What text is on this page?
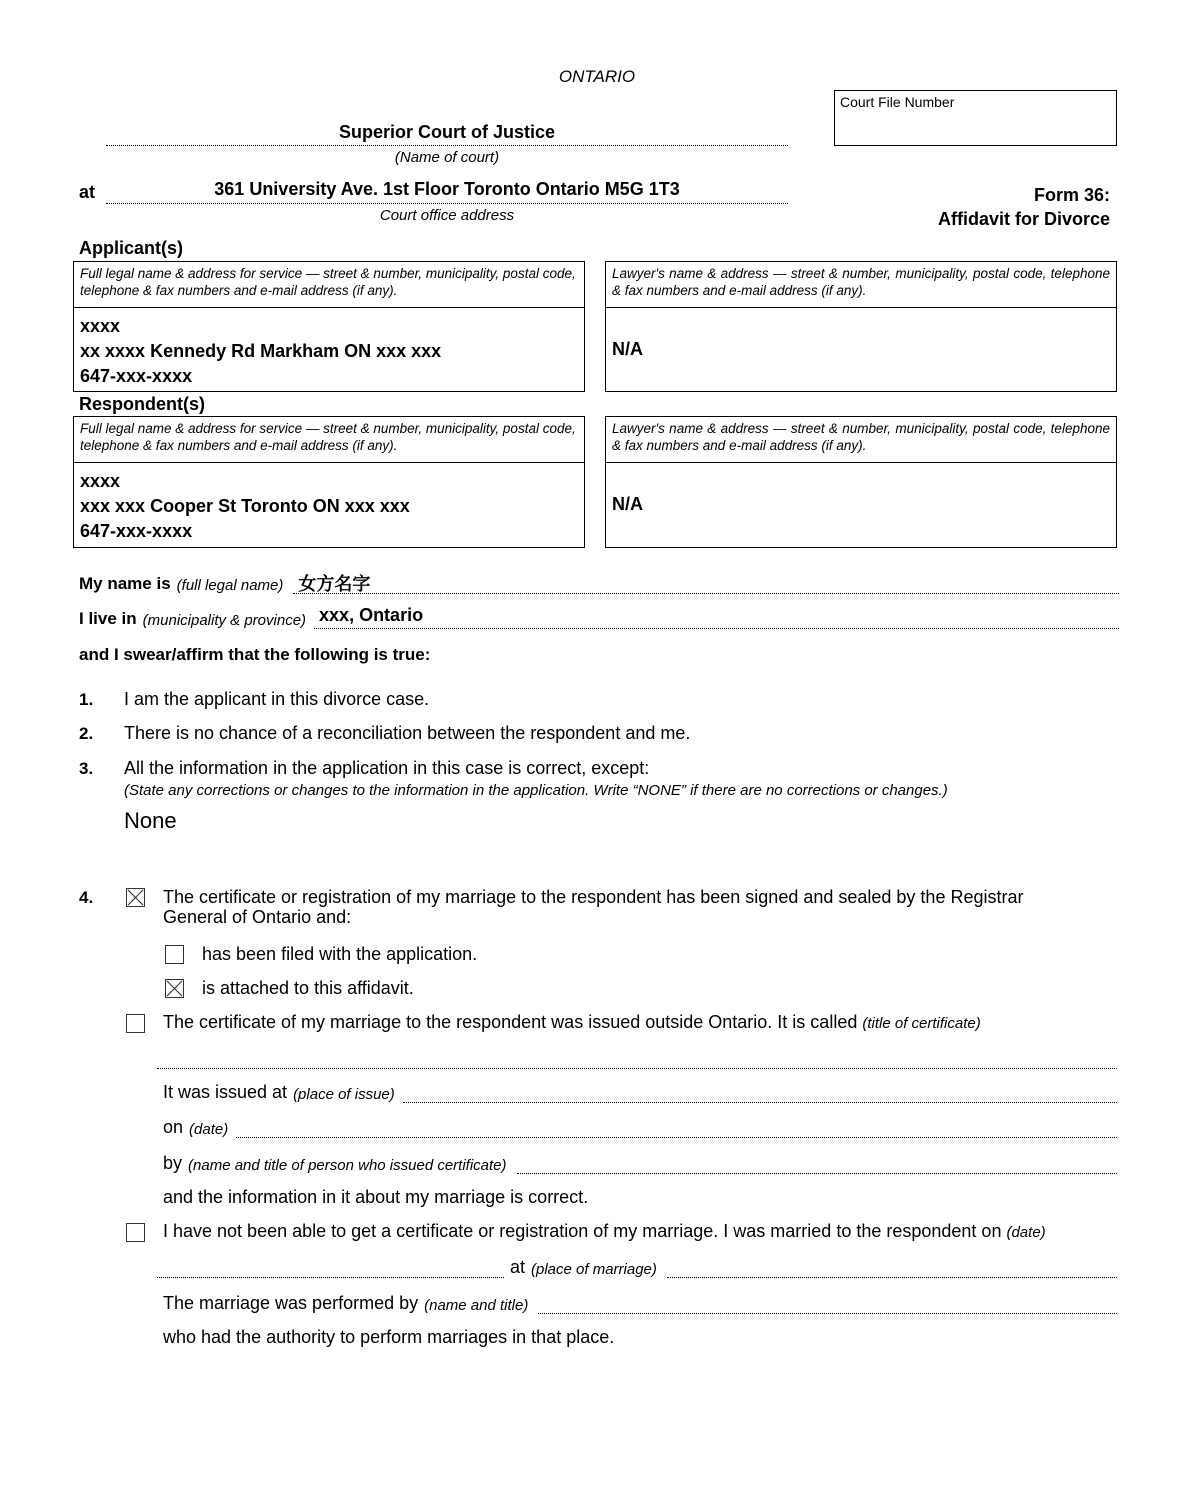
ONTARIO
Court File Number
Superior Court of Justice
(Name of court)
at	361 University Ave. 1st Floor Toronto Ontario M5G 1T3
Court office address
Form 36:
Affidavit for Divorce
Applicant(s)
Full legal name & address for service — street & number, municipality, postal code, telephone & fax numbers and e-mail address (if any).
xxxx
xx xxxx Kennedy Rd Markham ON xxx xxx
647-xxx-xxxx
Lawyer's name & address — street & number, municipality, postal code, telephone & fax numbers and e-mail address (if any).
N/A
Respondent(s)
Full legal name & address for service — street & number, municipality, postal code, telephone & fax numbers and e-mail address (if any).
xxxx
xxx xxx Cooper St Toronto ON xxx xxx
647-xxx-xxxx
Lawyer's name & address — street & number, municipality, postal code, telephone & fax numbers and e-mail address (if any).
N/A
My name is (full legal name) 女方名字
I live in (municipality & province) xxx, Ontario
and I swear/affirm that the following is true:
1. I am the applicant in this divorce case.
2. There is no chance of a reconciliation between the respondent and me.
3. All the information in the application in this case is correct, except:
(State any corrections or changes to the information in the application. Write “NONE” if there are no corrections or changes.)
None
4.	The certificate or registration of my marriage to the respondent has been signed and sealed by the Registrar
General of Ontario and:
has been filed with the application.
is attached to this affidavit.
The certificate of my marriage to the respondent was issued outside Ontario. It is called (title of certificate)
It was issued at (place of issue)
on (date)
by (name and title of person who issued certificate)
and the information in it about my marriage is correct.
I have not been able to get a certificate or registration of my marriage. I was married to the respondent on (date)
at (place of marriage)
The marriage was performed by (name and title)
who had the authority to perform marriages in that place.
